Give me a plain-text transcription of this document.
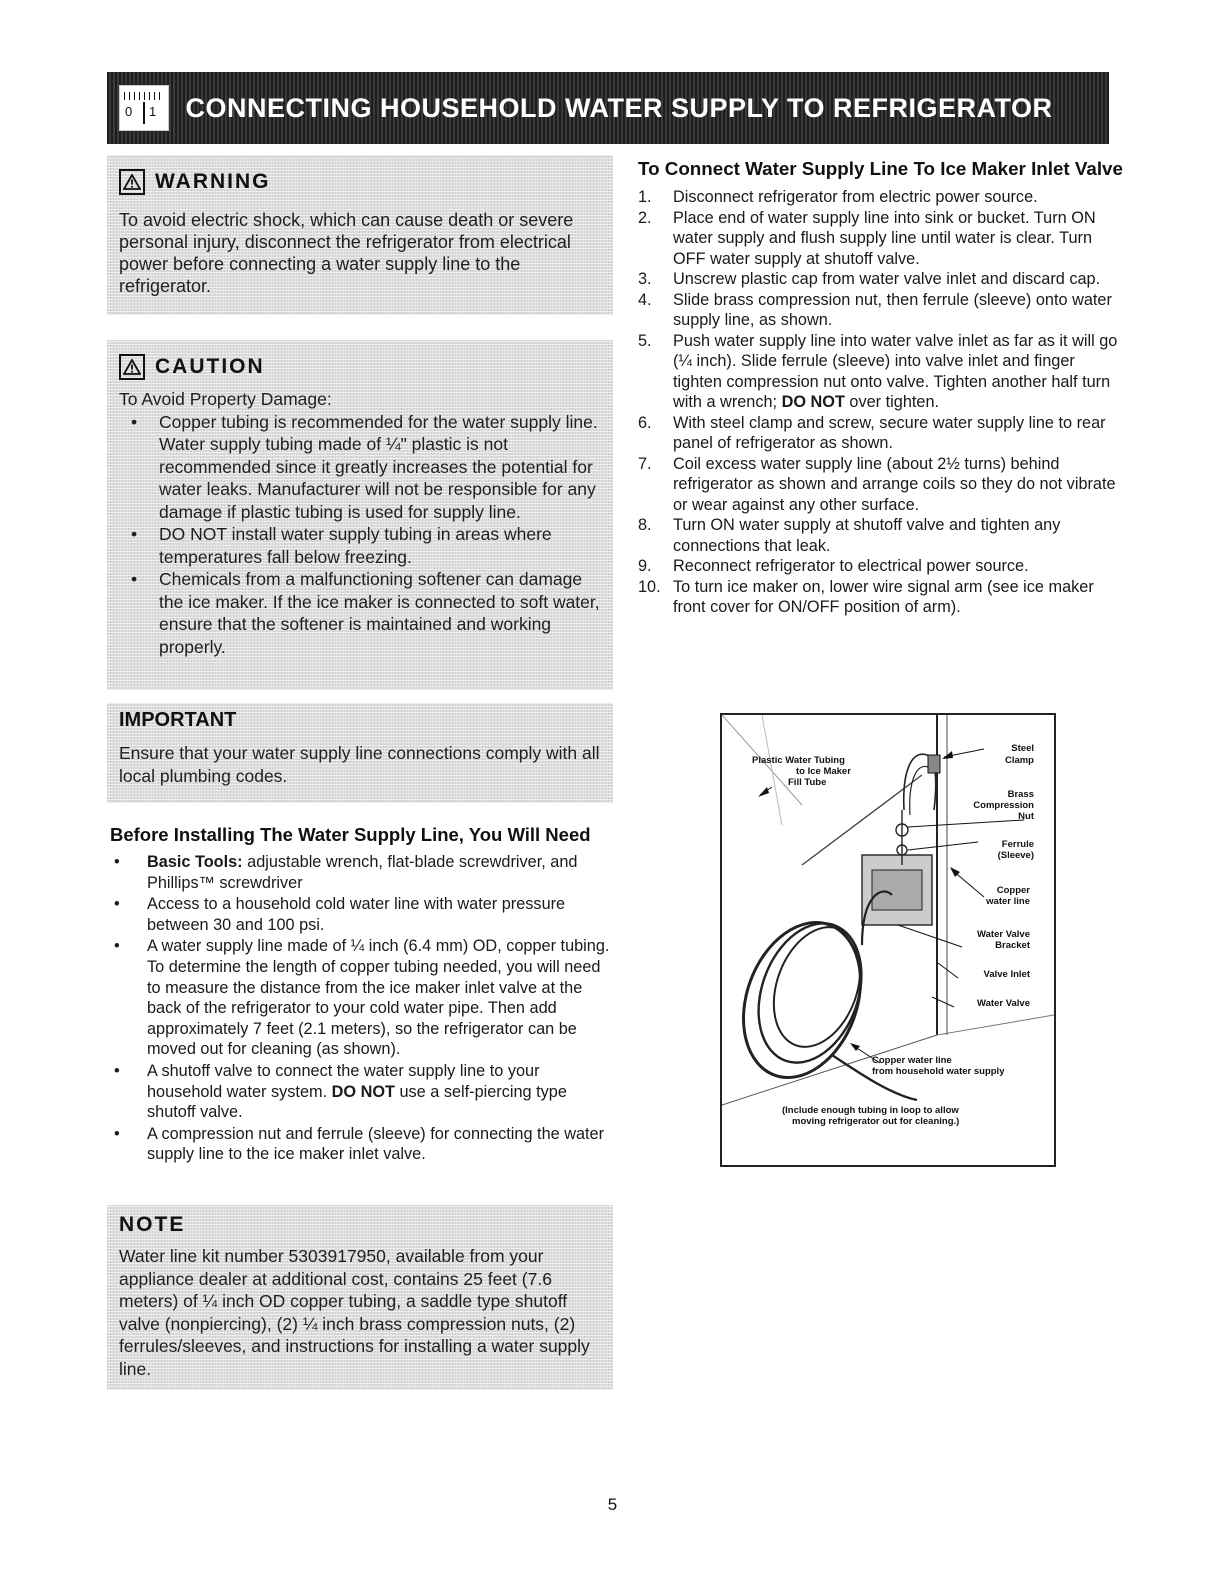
0 1	CONNECTING HOUSEHOLD WATER SUPPLY TO REFRIGERATOR
WARNING
To avoid electric shock, which can cause death or severe personal injury, disconnect the refrigerator from electrical power before connecting a water supply line to the refrigerator.
CAUTION
To Avoid Property Damage:
• Copper tubing is recommended for the water supply line. Water supply tubing made of ¼" plastic is not recommended since it greatly increases the potential for water leaks. Manufacturer will not be responsible for any damage if plastic tubing is used for supply line.
• DO NOT install water supply tubing in areas where temperatures fall below freezing.
• Chemicals from a malfunctioning softener can damage the ice maker. If the ice maker is connected to soft water, ensure that the softener is maintained and working properly.
IMPORTANT
Ensure that your water supply line connections comply with all local plumbing codes.
Before Installing The Water Supply Line, You Will Need
• Basic Tools: adjustable wrench, flat-blade screwdriver, and Phillips™ screwdriver
• Access to a household cold water line with water pressure between 30 and 100 psi.
• A water supply line made of ¼ inch (6.4 mm) OD, copper tubing. To determine the length of copper tubing needed, you will need to measure the distance from the ice maker inlet valve at the back of the refrigerator to your cold water pipe. Then add approximately 7 feet (2.1 meters), so the refrigerator can be moved out for cleaning (as shown).
• A shutoff valve to connect the water supply line to your household water system. DO NOT use a self-piercing type shutoff valve.
• A compression nut and ferrule (sleeve) for connecting the water supply line to the ice maker inlet valve.
NOTE
Water line kit number 5303917950, available from your appliance dealer at additional cost, contains 25 feet (7.6 meters) of ¼ inch OD copper tubing, a saddle type shutoff valve (nonpiercing), (2) ¼ inch brass compression nuts, (2) ferrules/sleeves, and instructions for installing a water supply line.
To Connect Water Supply Line To Ice Maker Inlet Valve
1. Disconnect refrigerator from electric power source.
2. Place end of water supply line into sink or bucket. Turn ON water supply and flush supply line until water is clear. Turn OFF water supply at shutoff valve.
3. Unscrew plastic cap from water valve inlet and discard cap.
4. Slide brass compression nut, then ferrule (sleeve) onto water supply line, as shown.
5. Push water supply line into water valve inlet as far as it will go (¼ inch). Slide ferrule (sleeve) into valve inlet and finger tighten compression nut onto valve. Tighten another half turn with a wrench; DO NOT over tighten.
6. With steel clamp and screw, secure water supply line to rear panel of refrigerator as shown.
7. Coil excess water supply line (about 2½ turns) behind refrigerator as shown and arrange coils so they do not vibrate or wear against any other surface.
8. Turn ON water supply at shutoff valve and tighten any connections that leak.
9. Reconnect refrigerator to electrical power source.
10. To turn ice maker on, lower wire signal arm (see ice maker front cover for ON/OFF position of arm).
Plastic Water Tubing
to Ice Maker
Fill Tube
Steel
Clamp
Brass
Compression
Nut
Ferrule
(Sleeve)
Copper
water line
Water Valve
Bracket
Valve Inlet
Water Valve
Copper water line
from household water supply
(Include enough tubing in loop to allow
moving refrigerator out for cleaning.)
5
